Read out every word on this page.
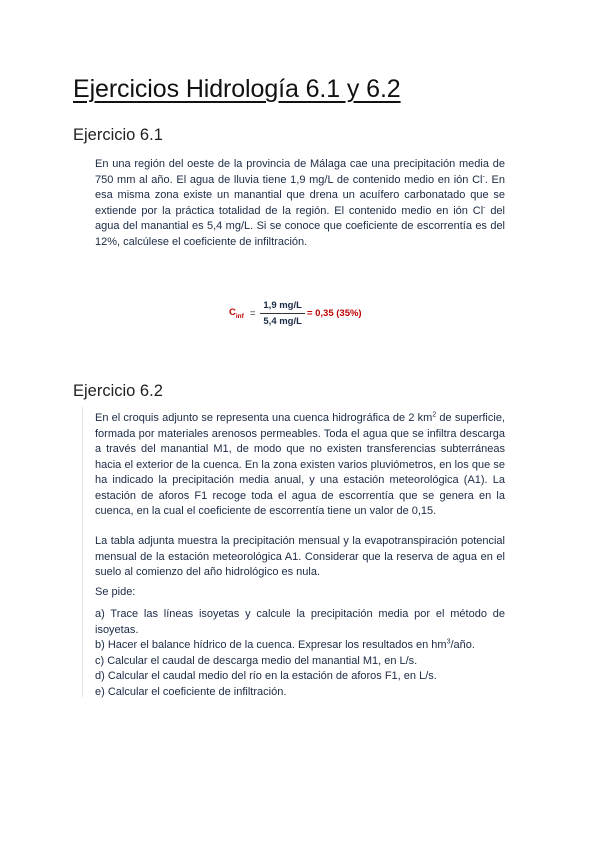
Ejercicios Hidrología 6.1 y 6.2
Ejercicio 6.1

En una región del oeste de la provincia de Málaga cae una precipitación media de 750 mm al año. El agua de lluvia tiene 1,9 mg/L de contenido medio en ión Cl-. En esa misma zona existe un manantial que drena un acuífero carbonatado que se extiende por la práctica totalidad de la región. El contenido medio en ión Cl- del agua del manantial es 5,4 mg/L. Si se conoce que coeficiente de escorrentía es del 12%, calcúlese el coeficiente de infiltración.

$C_{inf} = \frac{1,9 mg/L}{5,4 mg/L} = 0,35$ (35%)
Ejercicio 6.2

En el croquis adjunto se representa una cuenca hidrográfica de 2 $km^2$ de superficie, formada por materiales arenosos permeables. Toda el agua que se infiltra descarga a través del manantial M1, de modo que no existen transferencias subterráneas hacia el exterior de la cuenca. En la zona existen varios pluviómetros, en los que se ha indicado la precipitación media anual, y una estación meteorológica (A1). La estación de aforos F1 recoge toda el agua de escorrentía que se genera en la cuenca, en la cual el coeficiente de escorrentía tiene un valor de 0,15.

La tabla adjunta muestra la precipitación mensual y la evapotranspiración potencial mensual de la estación meteorológica A1. Considerar que la reserva de agua en el suelo al comienzo del año hidrológico es nula.

Se pide:
a) Trace las líneas isoyetas y calcule la precipitación media por el método de isoyetas.
b) Hacer el balance hídrico de la cuenca. Expresar los resultados en $hm^3$/año.
c) Calcular el caudal de descarga medio del manantial M1, en L/s.
d) Calcular el caudal medio del río en la estación de aforos F1, en L/s.
e) Calcular el coeficiente de infiltración.
